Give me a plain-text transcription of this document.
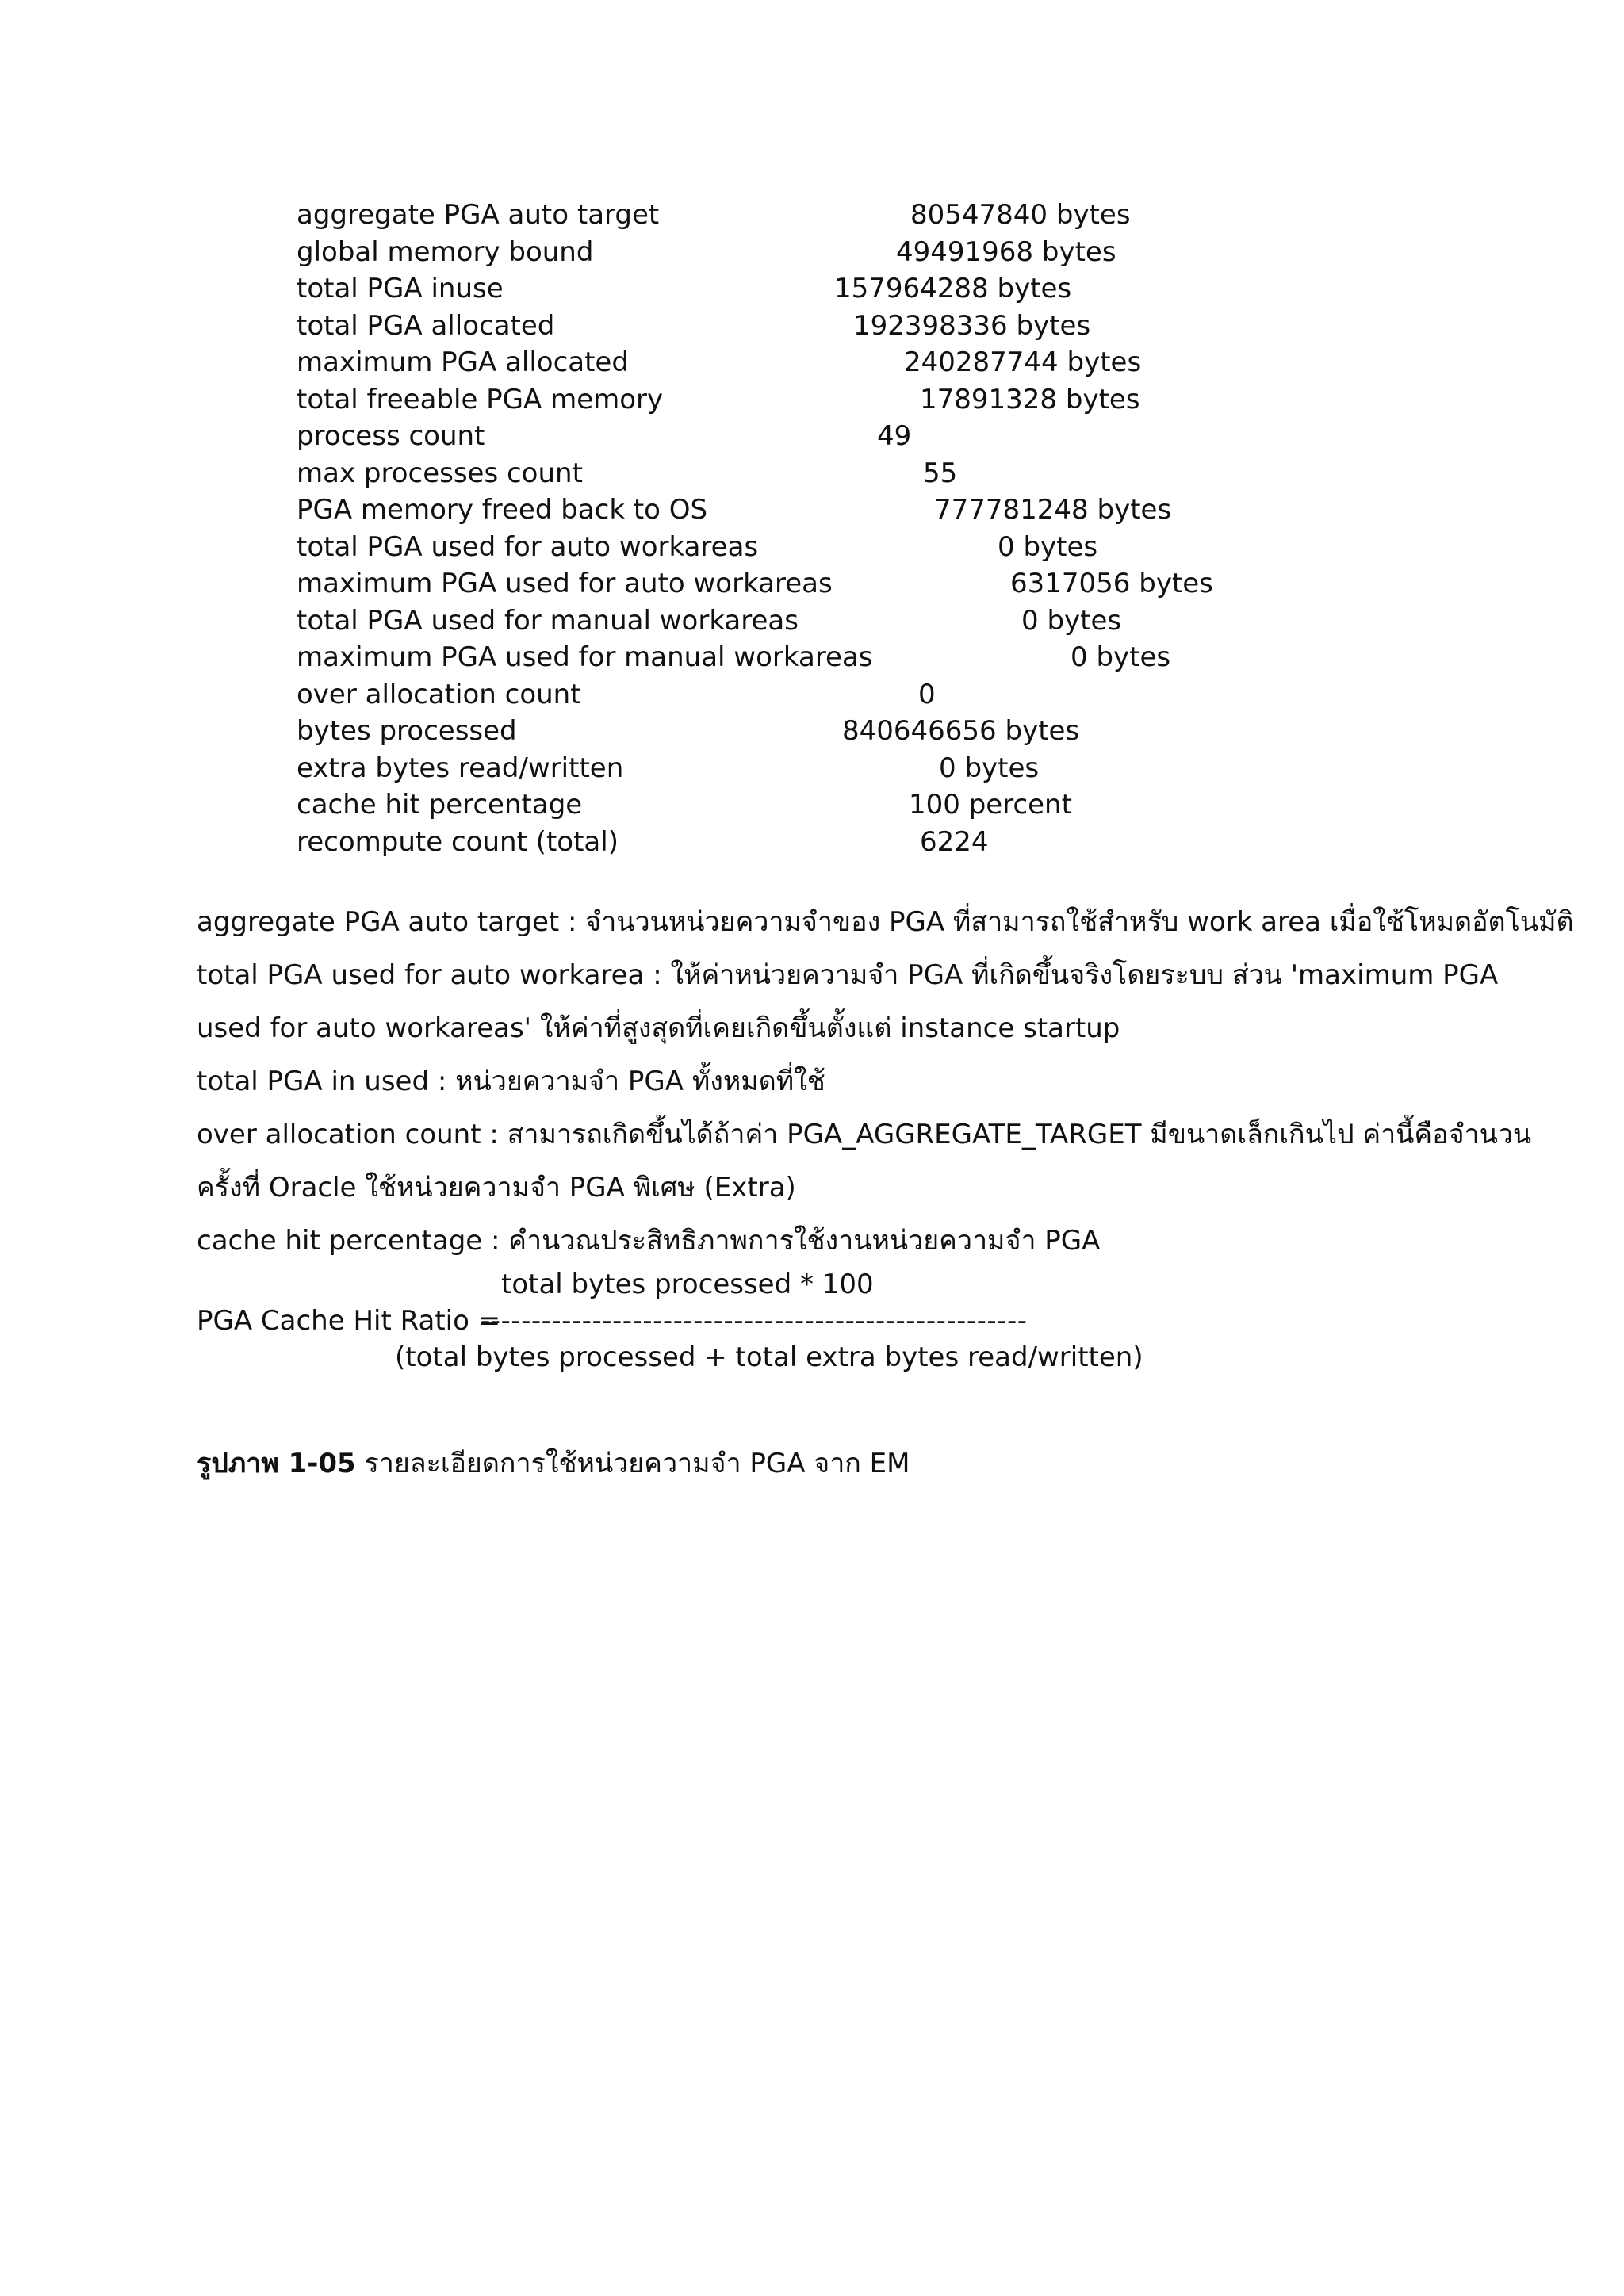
aggregate PGA auto target	80547840 bytes
global memory bound	49491968 bytes
total PGA inuse	157964288 bytes
total PGA allocated	192398336 bytes
maximum PGA allocated	240287744 bytes
total freeable PGA memory	17891328 bytes
process count	49
max processes count	55
PGA memory freed back to OS	777781248 bytes
total PGA used for auto workareas	0 bytes
maximum PGA used for auto workareas	6317056 bytes
total PGA used for manual workareas	0 bytes
maximum PGA used for manual workareas	0 bytes
over allocation count	0
bytes processed	840646656 bytes
extra bytes read/written	0 bytes
cache hit percentage	100 percent
recompute count (total)	6224
aggregate PGA auto target : จำนวนหน่วยความจำของ PGA ที่สามารถใช้สำหรับ work area เมื่อใช้โหมดอัตโนมัติ
total PGA used for auto workarea : ให้ค่าหน่วยความจำ PGA ที่เกิดขึ้นจริงโดยระบบ ส่วน 'maximum PGA
used for auto workareas' ให้ค่าที่สูงสุดที่เคยเกิดขึ้นตั้งแต่ instance startup
total PGA in used : หน่วยความจำ PGA ทั้งหมดที่ใช้
over allocation count : สามารถเกิดขึ้นได้ถ้าค่า PGA_AGGREGATE_TARGET มีขนาดเล็กเกินไป ค่านี้คือจำนวน
ครั้งที่ Oracle ใช้หน่วยความจำ PGA พิเศษ (Extra)
cache hit percentage : คำนวณประสิทธิภาพการใช้งานหน่วยความจำ PGA
total bytes processed * 100
PGA Cache Hit Ratio =
------------------------------------------------------
(total bytes processed + total extra bytes read/written)
รูปภาพ 1-05 รายละเอียดการใช้หน่วยความจำ PGA จาก EM
